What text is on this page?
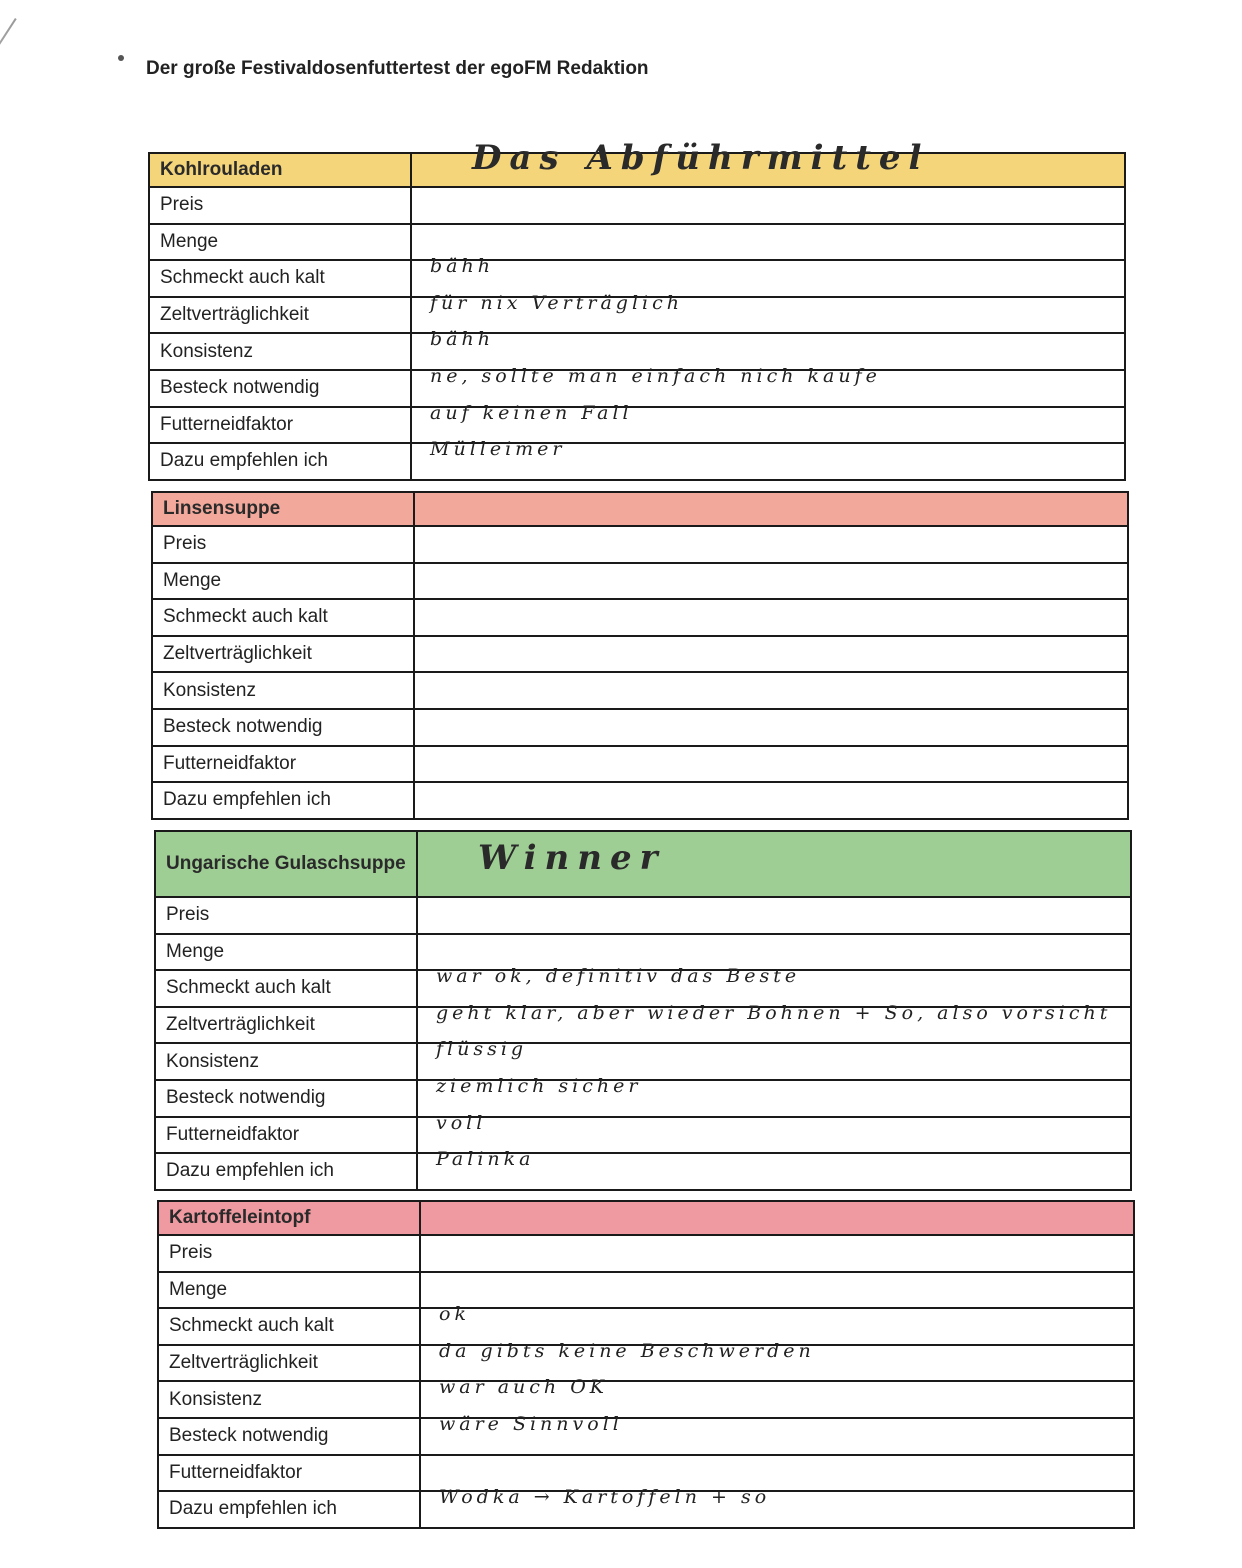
Der große Festivaldosenfuttertest der egoFM Redaktion
Kohlrouladen	Das Abführmittel

Preis	

Menge	

Schmeckt auch kalt	bähh

Zeltverträglichkeit	für nix Verträglich

Konsistenz	bähh

Besteck notwendig	ne, sollte man einfach nich kaufe

Futterneidfaktor	auf keinen Fall

Dazu empfehlen ich	Mülleimer
Linsensuppe	

Preis	

Menge	

Schmeckt auch kalt	

Zeltverträglichkeit	

Konsistenz	

Besteck notwendig	

Futterneidfaktor	

Dazu empfehlen ich	
Ungarische Gulaschsuppe	Winner

Preis	

Menge	

Schmeckt auch kalt	war ok, definitiv das Beste

Zeltverträglichkeit	geht klar, aber wieder Bohnen + So, also vorsicht

Konsistenz	flüssig

Besteck notwendig	ziemlich sicher

Futterneidfaktor	voll

Dazu empfehlen ich	Palinka
Kartoffeleintopf	

Preis	

Menge	

Schmeckt auch kalt	ok

Zeltverträglichkeit	da gibts keine Beschwerden

Konsistenz	war auch OK

Besteck notwendig	wäre Sinnvoll

Futterneidfaktor	

Dazu empfehlen ich	Wodka → Kartoffeln + so
